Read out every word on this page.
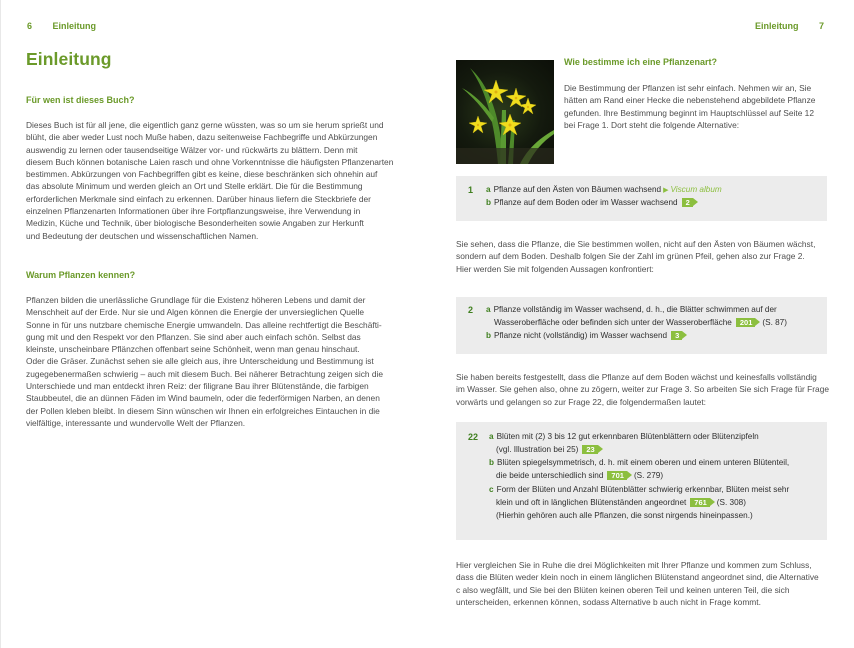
6 Einleitung
Einleitung
Für wen ist dieses Buch?
Dieses Buch ist für all jene, die eigentlich ganz gerne wüssten, was so um sie herum sprießt und
blüht, die aber weder Lust noch Muße haben, dazu seitenweise Fachbegriffe und Abkürzungen
auswendig zu lernen oder tausendseitige Wälzer vor- und rückwärts zu blättern. Denn mit
diesem Buch können botanische Laien rasch und ohne Vorkenntnisse die häufigsten Pflanzenarten
bestimmen. Abkürzungen von Fachbegriffen gibt es keine, diese beschränken sich ohnehin auf
das absolute Minimum und werden gleich an Ort und Stelle erklärt. Die für die Bestimmung
erforderlichen Merkmale sind einfach zu erkennen. Darüber hinaus liefern die Steckbriefe der
einzelnen Pflanzenarten Informationen über ihre Fortpflanzungsweise, ihre Verwendung in
Medizin, Küche und Technik, über biologische Besonderheiten sowie Angaben zur Herkunft
und Bedeutung der deutschen und wissenschaftlichen Namen.
Warum Pflanzen kennen?
Pflanzen bilden die unerlässliche Grundlage für die Existenz höheren Lebens und damit der
Menschheit auf der Erde. Nur sie und Algen können die Energie der unversieglichen Quelle
Sonne in für uns nutzbare chemische Energie umwandeln. Das alleine rechtfertigt die Beschäfti-
gung mit und den Respekt vor den Pflanzen. Sie sind aber auch einfach schön. Selbst das
kleinste, unscheinbare Pflänzchen offenbart seine Schönheit, wenn man genau hinschaut.
Oder die Gräser. Zunächst sehen sie alle gleich aus, ihre Unterscheidung und Bestimmung ist
zugegebenermaßen schwierig – auch mit diesem Buch. Bei näherer Betrachtung zeigen sich die
Unterschiede und man entdeckt ihren Reiz: der filigrane Bau ihrer Blütenstände, die farbigen
Staubbeutel, die an dünnen Fäden im Wind baumeln, oder die federförmigen Narben, an denen
der Pollen kleben bleibt. In diesem Sinn wünschen wir Ihnen ein erfolgreiches Eintauchen in die
vielfältige, interessante und wundervolle Welt der Pflanzen.
Einleitung 7
Wie bestimme ich eine Pflanzenart?
Die Bestimmung der Pflanzen ist sehr einfach. Nehmen wir an, Sie
hätten am Rand einer Hecke die nebenstehend abgebildete Pflanze
gefunden. Ihre Bestimmung beginnt im Hauptschlüssel auf Seite 12
bei Frage 1. Dort steht die folgende Alternative:
1 a Pflanze auf den Ästen von Bäumen wachsend ▶ Viscum album
b Pflanze auf dem Boden oder im Wasser wachsend 2
Sie sehen, dass die Pflanze, die Sie bestimmen wollen, nicht auf den Ästen von Bäumen wächst,
sondern auf dem Boden. Deshalb folgen Sie der Zahl im grünen Pfeil, gehen also zur Frage 2.
Hier werden Sie mit folgenden Aussagen konfrontiert:
2 a Pflanze vollständig im Wasser wachsend, d. h., die Blätter schwimmen auf der
Wasseroberfläche oder befinden sich unter der Wasseroberfläche 201 (S. 87)
b Pflanze nicht (vollständig) im Wasser wachsend 3
Sie haben bereits festgestellt, dass die Pflanze auf dem Boden wächst und keinesfalls vollständig
im Wasser. Sie gehen also, ohne zu zögern, weiter zur Frage 3. So arbeiten Sie sich Frage für Frage
vorwärts und gelangen so zur Frage 22, die folgendermaßen lautet:
22 a Blüten mit (2) 3 bis 12 gut erkennbaren Blütenblättern oder Blütenzipfeln
(vgl. Illustration bei 25) 23
b Blüten spiegelsymmetrisch, d. h. mit einem oberen und einem unteren Blütenteil,
die beide unterschiedlich sind 701 (S. 279)
c Form der Blüten und Anzahl Blütenblätter schwierig erkennbar, Blüten meist sehr
klein und oft in länglichen Blütenständen angeordnet 761 (S. 308)
(Hierhin gehören auch alle Pflanzen, die sonst nirgends hineinpassen.)
Hier vergleichen Sie in Ruhe die drei Möglichkeiten mit Ihrer Pflanze und kommen zum Schluss,
dass die Blüten weder klein noch in einem länglichen Blütenstand angeordnet sind, die Alternative
c also wegfällt, und Sie bei den Blüten keinen oberen Teil und keinen unteren Teil, die sich
unterscheiden, erkennen können, sodass Alternative b auch nicht in Frage kommt.
